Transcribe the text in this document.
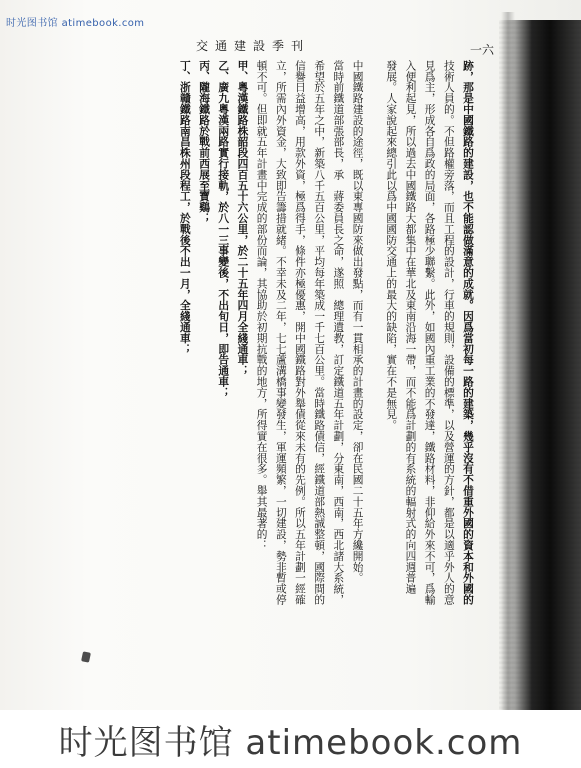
时光图书馆 atimebook.com
交通建設季刊	一六
跡，那是中國鐵路的建設，也不能認做滿意的成就。因爲當初每一路的建築，幾乎沒有不借重外國的資本和外國的
技術人員的。不但路權旁落，而且工程的設計，行車的規則，設備的標準，以及營運的方針，都是以適乎外人的意
見爲主，形成各自爲政的局面，各路極少聯繫。此外，如國內重工業的不發達，鐵路材料，非仰給外來不可，爲輸
入便利起見，所以過去中國鐵路大都集中在華北及東南沿海一帶，而不能爲計劃的有系統的輻射式的向四週普遍
發展。人家說起來總引此以爲中國國防交通上的最大的缺陷，實在不是無見。
中國鐵路建設的途徑，既以東專國防來做出發點，而有一貫相承的計畫的設定，卻在民國二十五年方纔開始。
當時前鐵道部張部長，承　蔣委員長之命，遂照　總理遺教，訂定鐵道五年計劃，分東南，西南，西北諸大系統，
希望於五年之中，新築八千五百公里，平均每年築成一千七百公里。當時鐵路債信，經鐵道部熱誠整頓，國際間的
信譽日益增高，用款外資，極爲得手，條件亦極優惠，開中國鐵路對外舉債從來未有的先例。所以五年計劃一經確
立，所需內外資金，大致即告籌措就緒。不幸未及二年，七七蘆溝橋事變發生，軍運頻繁，一切建設，勢非暫或停
頓不可。但即就五年計畫中完成的部份而論，其協助於初期抗戰的地方，所得實在很多。舉其最著的：
甲、粵漢鐵路株韶段四百五十六公里，於二十五年四月全綫通車；
乙、廣九粵漢兩路實行接軌，於八一三事變後，不出旬日，即告通車；
丙、隴海鐵路於戰前西展至寶鷄；
丁、浙贛鐵路南昌株州段程工，於戰後不出一月，全綫通車；
时光图书馆 atimebook.com
